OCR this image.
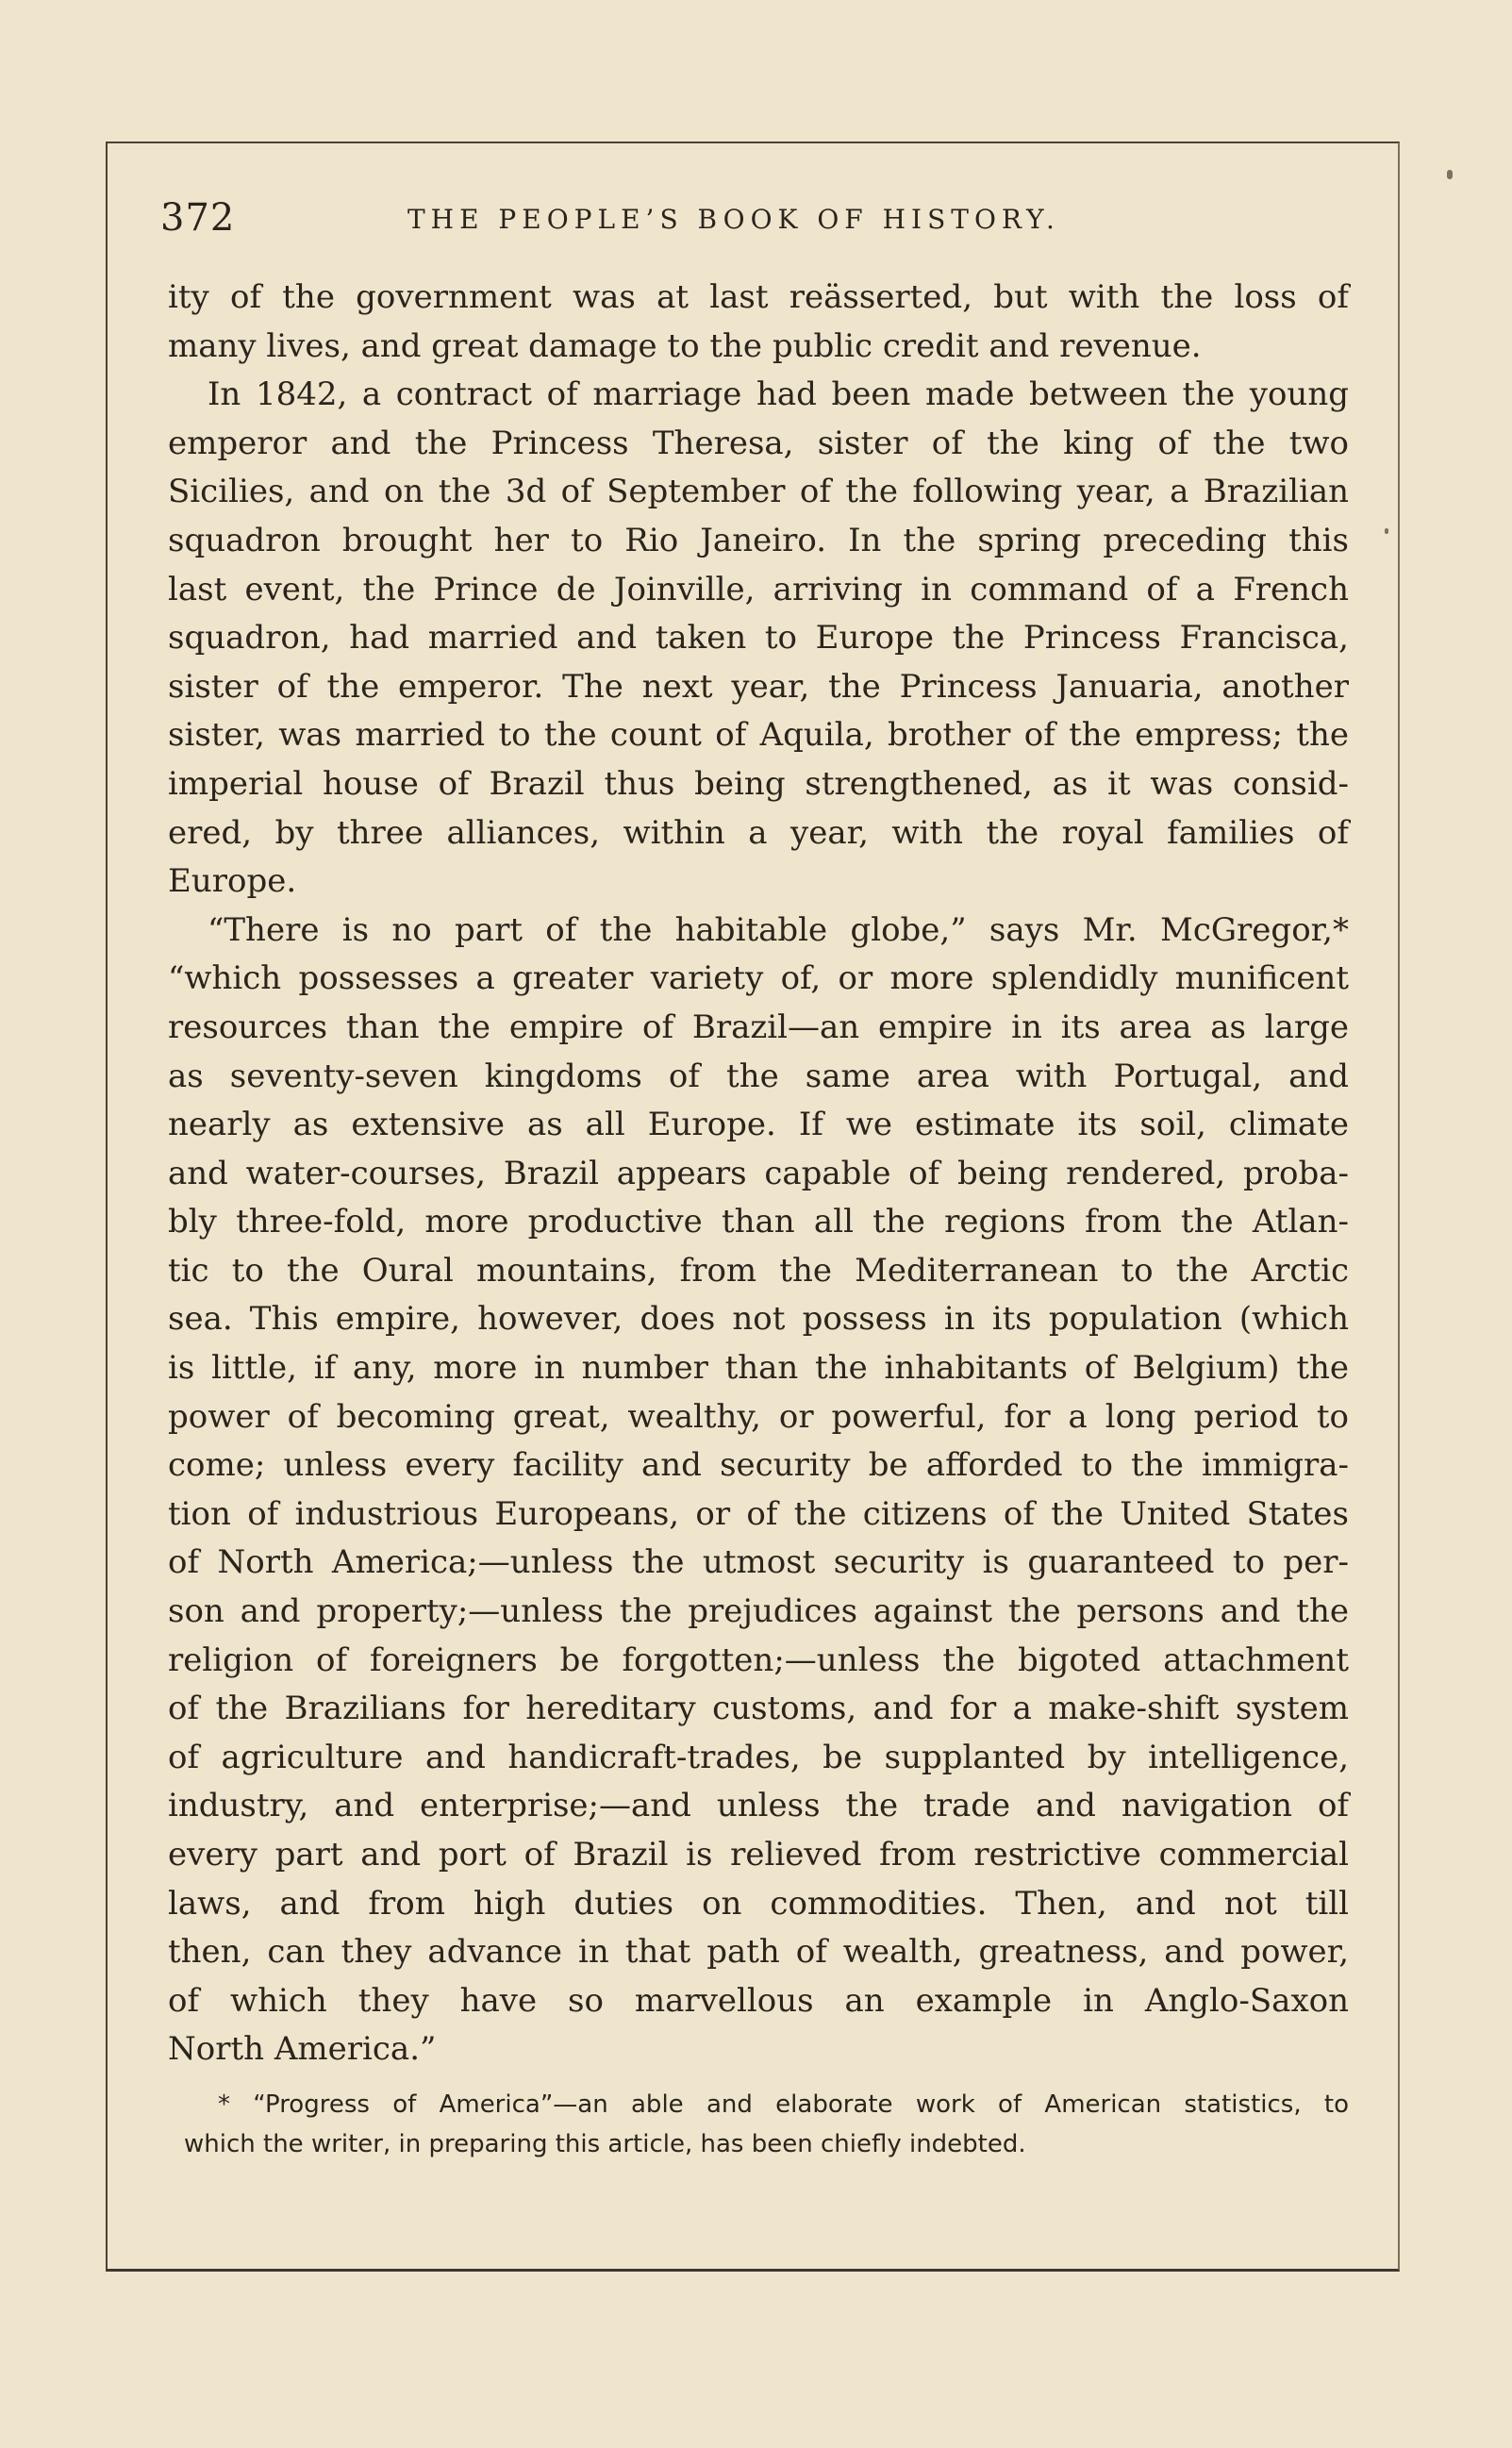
372	THE PEOPLE’S BOOK OF HISTORY.
ity of the government was at last reässerted, but with the loss of
many lives, and great damage to the public credit and revenue.
In 1842, a contract of marriage had been made between the young
emperor and the Princess Theresa, sister of the king of the two
Sicilies, and on the 3d of September of the following year, a Brazilian
squadron brought her to Rio Janeiro. In the spring preceding this
last event, the Prince de Joinville, arriving in command of a French
squadron, had married and taken to Europe the Princess Francisca,
sister of the emperor. The next year, the Princess Januaria, another
sister, was married to the count of Aquila, brother of the empress; the
imperial house of Brazil thus being strengthened, as it was consid-
ered, by three alliances, within a year, with the royal families of
Europe.
“There is no part of the habitable globe,” says Mr. McGregor,*
“which possesses a greater variety of, or more splendidly munificent
resources than the empire of Brazil—an empire in its area as large
as seventy-seven kingdoms of the same area with Portugal, and
nearly as extensive as all Europe. If we estimate its soil, climate
and water-courses, Brazil appears capable of being rendered, proba-
bly three-fold, more productive than all the regions from the Atlan-
tic to the Oural mountains, from the Mediterranean to the Arctic
sea. This empire, however, does not possess in its population (which
is little, if any, more in number than the inhabitants of Belgium) the
power of becoming great, wealthy, or powerful, for a long period to
come; unless every facility and security be afforded to the immigra-
tion of industrious Europeans, or of the citizens of the United States
of North America;—unless the utmost security is guaranteed to per-
son and property;—unless the prejudices against the persons and the
religion of foreigners be forgotten;—unless the bigoted attachment
of the Brazilians for hereditary customs, and for a make-shift system
of agriculture and handicraft-trades, be supplanted by intelligence,
industry, and enterprise;—and unless the trade and navigation of
every part and port of Brazil is relieved from restrictive commercial
laws, and from high duties on commodities. Then, and not till
then, can they advance in that path of wealth, greatness, and power,
of which they have so marvellous an example in Anglo-Saxon
North America.”
* “Progress of America”—an able and elaborate work of American statistics, to
which the writer, in preparing this article, has been chiefly indebted.
